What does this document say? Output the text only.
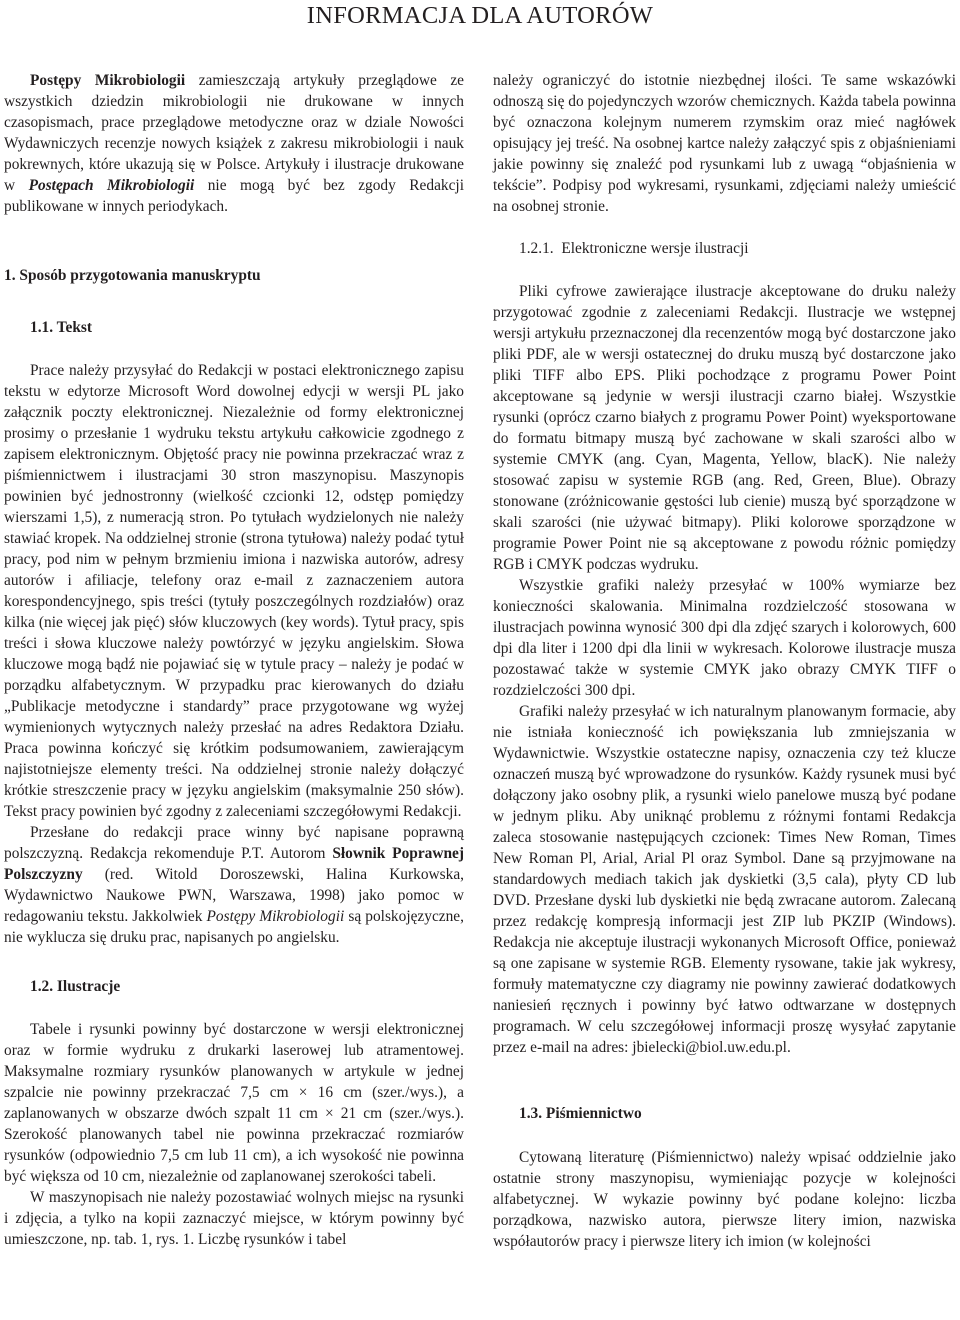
INFORMACJA DLA AUTORÓW

Postępy Mikrobiologii zamieszczają artykuły przeglądowe ze wszystkich dziedzin mikrobiologii nie drukowane w innych czasopismach, prace przeglądowe metodyczne oraz w dziale Nowości Wydawniczych recenzje nowych książek z zakresu mikrobiologii i nauk pokrewnych, które ukazują się w Polsce. Artykuły i ilustracje drukowane w Postępach Mikrobiologii nie mogą być bez zgody Redakcji publikowane w innych periodykach.

1. Sposób przygotowania manuskryptu
1.1. Tekst

Prace należy przysyłać do Redakcji w postaci elektronicznego zapisu tekstu w edytorze Microsoft Word dowolnej edycji w wersji PL jako załącznik poczty elektronicznej. Niezależnie od formy elektronicznej prosimy o przesłanie 1 wydruku tekstu artykułu całkowicie zgodnego z zapisem elektronicznym. Objętość pracy nie powinna przekraczać wraz z piśmiennictwem i ilustracjami 30 stron maszynopisu. Maszynopis powinien być jednostronny (wielkość czcionki 12, odstęp pomiędzy wierszami 1,5), z numeracją stron. Po tytułach wydzielonych nie należy stawiać kropek. Na oddzielnej stronie (strona tytułowa) należy podać tytuł pracy, pod nim w pełnym brzmieniu imiona i nazwiska autorów, adresy autorów i afiliacje, telefony oraz e-mail z zaznaczeniem autora korespondencyjnego, spis treści (tytuły poszczególnych rozdziałów) oraz kilka (nie więcej jak pięć) słów kluczowych (key words). Tytuł pracy, spis treści i słowa kluczowe należy powtórzyć w języku angielskim. Słowa kluczowe mogą bądź nie pojawiać się w tytule pracy – należy je podać w porządku alfabetycznym. W przypadku prac kierowanych do działu „Publikacje metodyczne i standardy” prace przygotowane wg wyżej wymienionych wytycznych należy przesłać na adres Redaktora Działu. Praca powinna kończyć się krótkim podsumowaniem, zawierającym najistotniejsze elementy treści. Na oddzielnej stronie należy dołączyć krótkie streszczenie pracy w języku angielskim (maksymalnie 250 słów). Tekst pracy powinien być zgodny z zaleceniami szczegółowymi Redakcji.

Przesłane do redakcji prace winny być napisane poprawną polszczyzną. Redakcja rekomenduje P.T. Autorom Słownik Poprawnej Polszczyzny (red. Witold Doroszewski, Halina Kurkowska, Wydawnictwo Naukowe PWN, Warszawa, 1998) jako pomoc w redagowaniu tekstu. Jakkolwiek Postępy Mikrobiologii są polskojęzyczne, nie wyklucza się druku prac, napisanych po angielsku.

1.2. Ilustracje

Tabele i rysunki powinny być dostarczone w wersji elektronicznej oraz w formie wydruku z drukarki laserowej lub atramentowej. Maksymalne rozmiary rysunków planowanych w artykule w jednej szpalcie nie powinny przekraczać 7,5 cm × 16 cm (szer./wys.), a zaplanowanych w obszarze dwóch szpalt 11 cm × 21 cm (szer./wys.). Szerokość planowanych tabel nie powinna przekraczać rozmiarów rysunków (odpowiednio 7,5 cm lub 11 cm), a ich wysokość nie powinna być większa od 10 cm, niezależnie od zaplanowanej szerokości tabeli.

W maszynopisach nie należy pozostawiać wolnych miejsc na rysunki i zdjęcia, a tylko na kopii zaznaczyć miejsce, w którym powinny być umieszczone, np. tab. 1, rys. 1. Liczbę rysunków i tabel

należy ograniczyć do istotnie niezbędnej ilości. Te same wskazówki odnoszą się do pojedynczych wzorów chemicznych. Każda tabela powinna być oznaczona kolejnym numerem rzymskim oraz mieć nagłówek opisujący jej treść. Na osobnej kartce należy załączyć spis z objaśnieniami jakie powinny się znaleźć pod rysunkami lub z uwagą “objaśnienia w tekście”. Podpisy pod wykresami, rysunkami, zdjęciami należy umieścić na osobnej stronie.

1.2.1. Elektroniczne wersje ilustracji

Pliki cyfrowe zawierające ilustracje akceptowane do druku należy przygotować zgodnie z zaleceniami Redakcji. Ilustracje we wstępnej wersji artykułu przeznaczonej dla recenzentów mogą być dostarczone jako pliki PDF, ale w wersji ostatecznej do druku muszą być dostarczone jako pliki TIFF albo EPS. Pliki pochodzące z programu Power Point akceptowane są jedynie w wersji ilustracji czarno białej. Wszystkie rysunki (oprócz czarno białych z programu Power Point) wyeksportowane do formatu bitmapy muszą być zachowane w skali szarości albo w systemie CMYK (ang. Cyan, Magenta, Yellow, blacK). Nie należy stosować zapisu w systemie RGB (ang. Red, Green, Blue). Obrazy stonowane (zróżnicowanie gęstości lub cienie) muszą być sporządzone w skali szarości (nie używać bitmapy). Pliki kolorowe sporządzone w programie Power Point nie są akceptowane z powodu różnic pomiędzy RGB i CMYK podczas wydruku.

Wszystkie grafiki należy przesyłać w 100% wymiarze bez konieczności skalowania. Minimalna rozdzielczość stosowana w ilustracjach powinna wynosić 300 dpi dla zdjęć szarych i kolorowych, 600 dpi dla liter i 1200 dpi dla linii w wykresach. Kolorowe ilustracje musza pozostawać także w systemie CMYK jako obrazy CMYK TIFF o rozdzielczości 300 dpi.

Grafiki należy przesyłać w ich naturalnym planowanym formacie, aby nie istniała konieczność ich powiększania lub zmniejszania w Wydawnictwie. Wszystkie ostateczne napisy, oznaczenia czy też klucze oznaczeń muszą być wprowadzone do rysunków. Każdy rysunek musi być dołączony jako osobny plik, a rysunki wielo panelowe muszą być podane w jednym pliku. Aby uniknąć problemu z różnymi fontami Redakcja zaleca stosowanie następujących czcionek: Times New Roman, Times New Roman Pl, Arial, Arial Pl oraz Symbol. Dane są przyjmowane na standardowych mediach takich jak dyskietki (3,5 cala), płyty CD lub DVD. Przesłane dyski lub dyskietki nie będą zwracane autorom. Zalecaną przez redakcję kompresją informacji jest ZIP lub PKZIP (Windows). Redakcja nie akceptuje ilustracji wykonanych Microsoft Office, ponieważ są one zapisane w systemie RGB. Elementy rysowane, takie jak wykresy, formuły matematyczne czy diagramy nie powinny zawierać dodatkowych naniesień ręcznych i powinny być łatwo odtwarzane w dostępnych programach. W celu szczegółowej informacji proszę wysyłać zapytanie przez e-mail na adres: jbielecki@biol.uw.edu.pl.

1.3. Piśmiennictwo

Cytowaną literaturę (Piśmiennictwo) należy wpisać oddzielnie jako ostatnie strony maszynopisu, wymieniając pozycje w kolejności alfabetycznej. W wykazie powinny być podane kolejno: liczba porządkowa, nazwisko autora, pierwsze litery imion, nazwiska współautorów pracy i pierwsze litery ich imion (w kolejności
